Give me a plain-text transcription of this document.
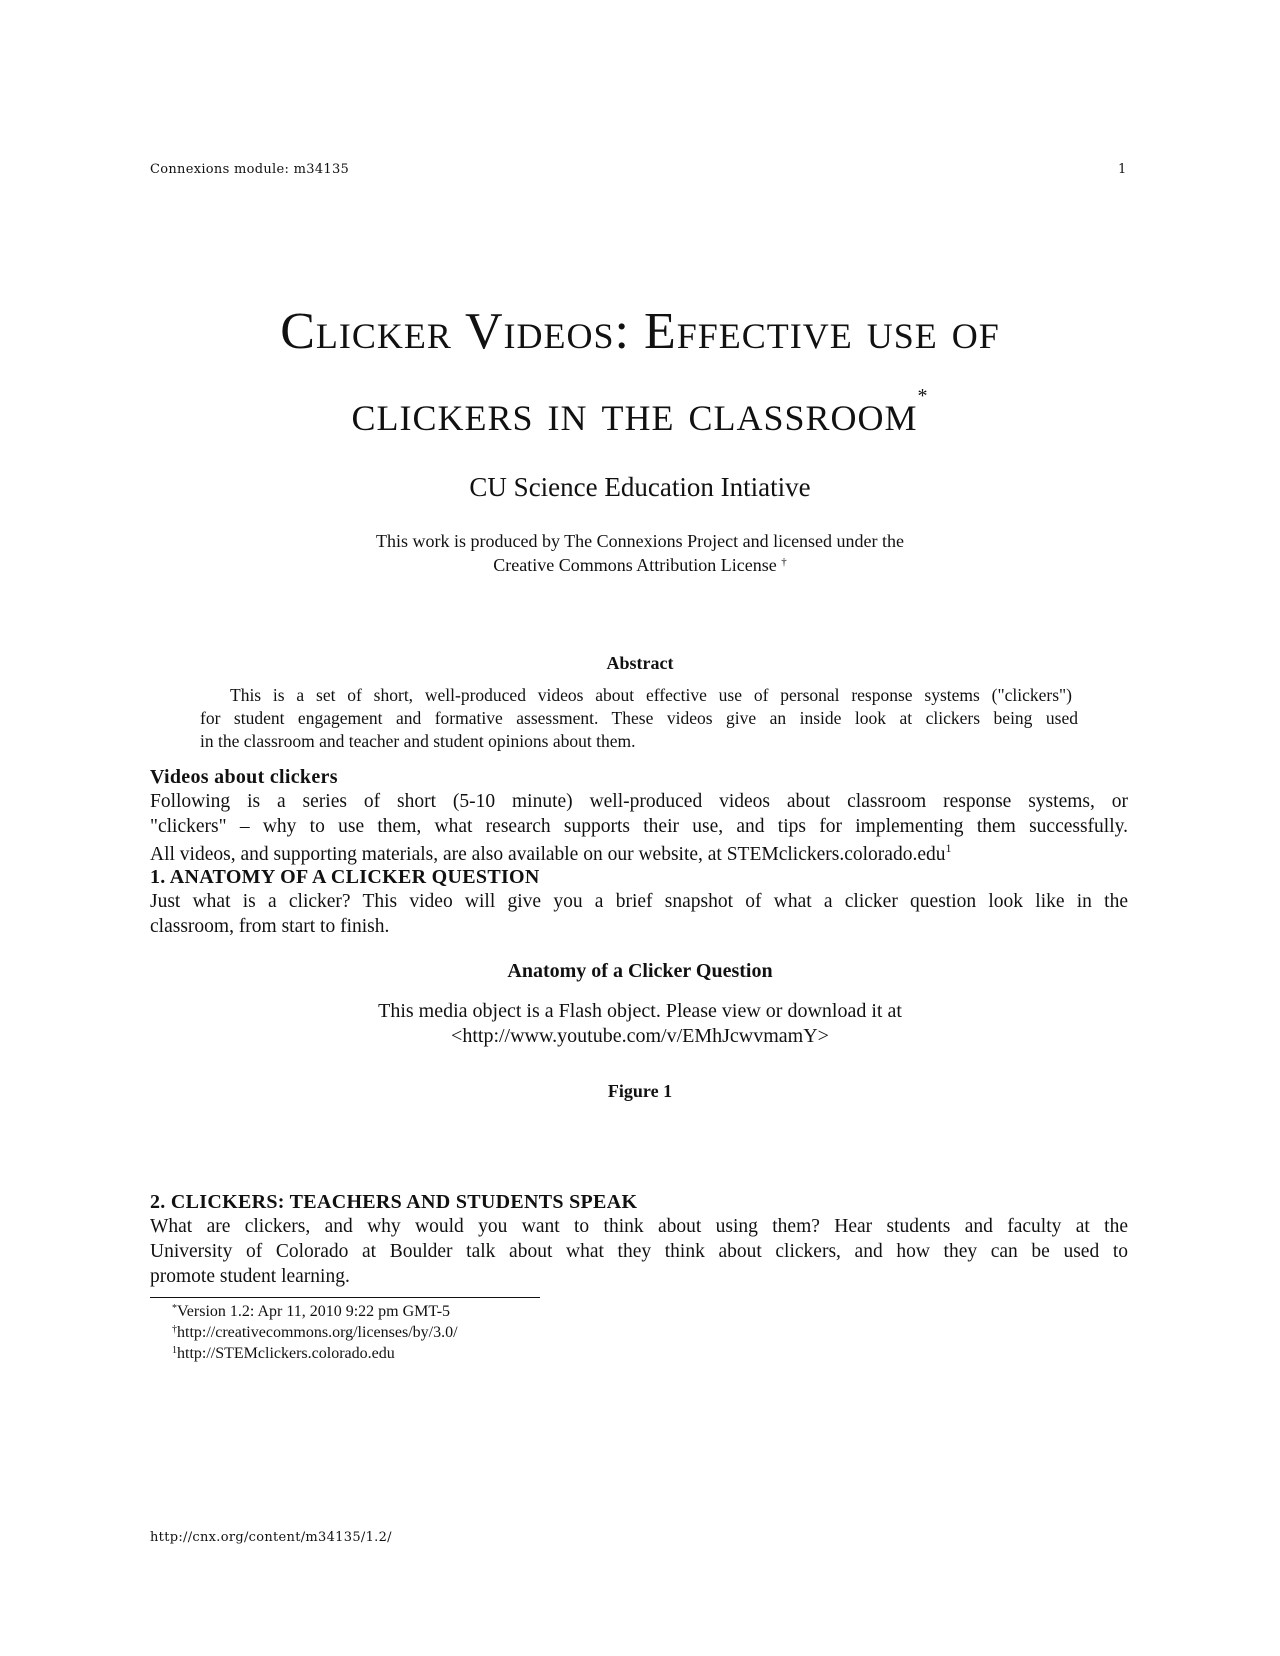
Connexions module: m34135	1
Clicker Videos: Effective use of
clickers in the classroom*
CU Science Education Intiative
This work is produced by The Connexions Project and licensed under the
Creative Commons Attribution License †
Abstract
This is a set of short, well-produced videos about effective use of personal response systems ("clickers")
for student engagement and formative assessment. These videos give an inside look at clickers being used
in the classroom and teacher and student opinions about them.
Videos about clickers
Following is a series of short (5-10 minute) well-produced videos about classroom response systems, or
"clickers" – why to use them, what research supports their use, and tips for implementing them successfully.
All videos, and supporting materials, are also available on our website, at STEMclickers.colorado.edu$^1$
1. ANATOMY OF A CLICKER QUESTION
Just what is a clicker? This video will give you a brief snapshot of what a clicker question look like in the
classroom, from start to finish.
Anatomy of a Clicker Question
This media object is a Flash object. Please view or download it at
<http://www.youtube.com/v/EMhJcwvmamY>
Figure 1
2. CLICKERS: TEACHERS AND STUDENTS SPEAK
What are clickers, and why would you want to think about using them? Hear students and faculty at the
University of Colorado at Boulder talk about what they think about clickers, and how they can be used to
promote student learning.
*Version 1.2: Apr 11, 2010 9:22 pm GMT-5
†http://creativecommons.org/licenses/by/3.0/
$^1$http://STEMclickers.colorado.edu
http://cnx.org/content/m34135/1.2/
